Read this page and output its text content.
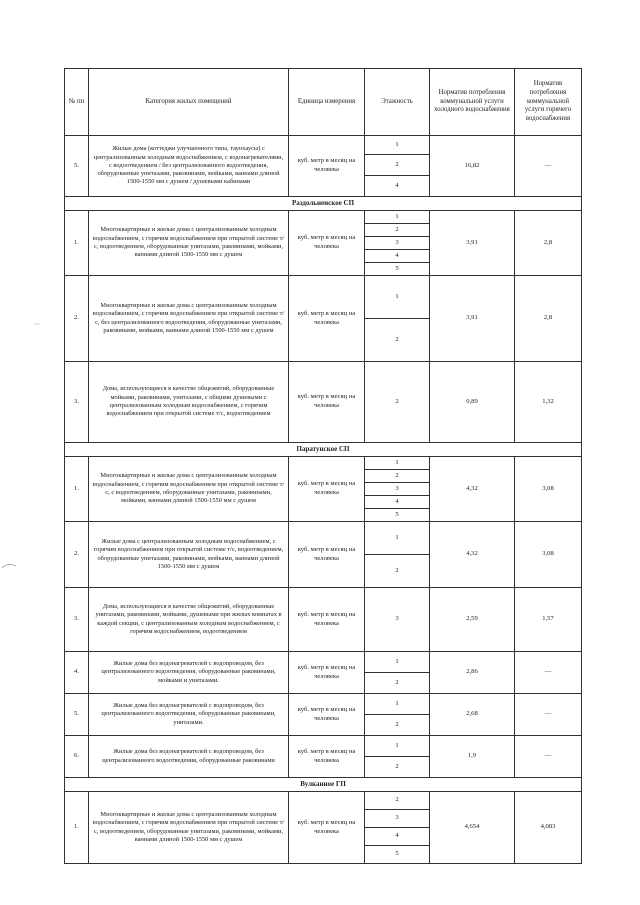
№ пп	Категория жилых помещений	Единица измерения	Этажность	Норматив потребления коммунальной услуги холодного водоснабжения	Норматив потребления коммунальной услуги горячего водоснабжения
5.	Жилые дома (коттеджи улучшенного типа, таунхаусы) с централизованным холодным водоснабжением, с водонагревателями, с водоотведением / без централизованного водоотведения, оборудованные унитазами, раковинами, мойками, ваннами длиной 1500-1550 мм с душем / душевыми кабинами	куб. метр в месяц на человека	1	16,82	—
			2		
			4		
Раздольненское СП					
1.	Многоквартирные и жилые дома с централизованным холодным водоснабжением, с горячим водоснабжением при открытой системе т/с, водоотведением, оборудованные унитазами, раковинами, мойками, ваннами длиной 1500-1550 мм с душем	куб. метр в месяц на человека	1	3,91	2,8
			2		
			3		
			4		
			5		
2.	Многоквартирные и жилые дома с централизованным холодным водоснабжением, с горячим водоснабжением при открытой системе т/с, без централизованного водоотведения, оборудованные унитазами, раковинами, мойками, ваннами длиной 1500-1550 мм с душем	куб. метр в месяц на человека	1	3,91	2,8
			2		
3.	Дома, использующиеся в качестве общежитий, оборудованные мойками, раковинами, унитазами, с общими душевыми с централизованным холодным водоснабжением, с горячим водоснабжением при открытой системе т/с, водоотведением	куб. метр в месяц на человека	2	0,89	1,32
Паратунское СП					
1.	Многоквартирные и жилые дома с централизованным холодным водоснабжением, с горячим водоснабжением при открытой системе т/с, с водоотведением, оборудованные унитазами, раковинами, мойками, ваннами длиной 1500-1550 мм с душем	куб. метр в месяц на человека	1	4,32	3,08
			2		
			3		
			4		
			5		
2.	Жилые дома с централизованным холодным водоснабжением, с горячим водоснабжением при открытой системе т/с, водоотведением, оборудованные унитазами, раковинами, мойками, ваннами длиной 1500-1550 мм с душем	куб. метр в месяц на человека	1	4,32	3,08
			2		
3.	Дома, использующиеся в качестве общежитий, оборудованные унитазами, раковинами, мойками, душевыми при жилых комнатах в каждой секции, с централизованным холодным водоснабжением, с горячим водоснабжением, водоотведением	куб. метр в месяц на человека	3	2,59	1,57
4.	Жилые дома без водонагревателей с водопроводом, без централизованного водоотведения, оборудованные раковинами, мойками и унитазами.	куб. метр в месяц на человека	1	2,86	—
			2		
5.	Жилые дома без водонагревателей с водопроводом, без централизованного водоотведения, оборудованные раковинами, унитазами.	куб. метр в месяц на человека	1	2,68	—
			2		
6.	Жилые дома без водонагревателей с водопроводом, без централизованного водоотведения, оборудованные раковинами	куб. метр в месяц на человека	1	1,9	—
			2		
Вулканное ГП					
1.	Многоквартирные и жилые дома с централизованным холодным водоснабжением, с горячим водоснабжением при открытой системе т/с, водоотведением, оборудованные унитазами, раковинами, мойками, ваннами длиной 1500-1550 мм с душем	куб. метр в месяц на человека	2	4,654	4,083
			3		
			4		
			5		
